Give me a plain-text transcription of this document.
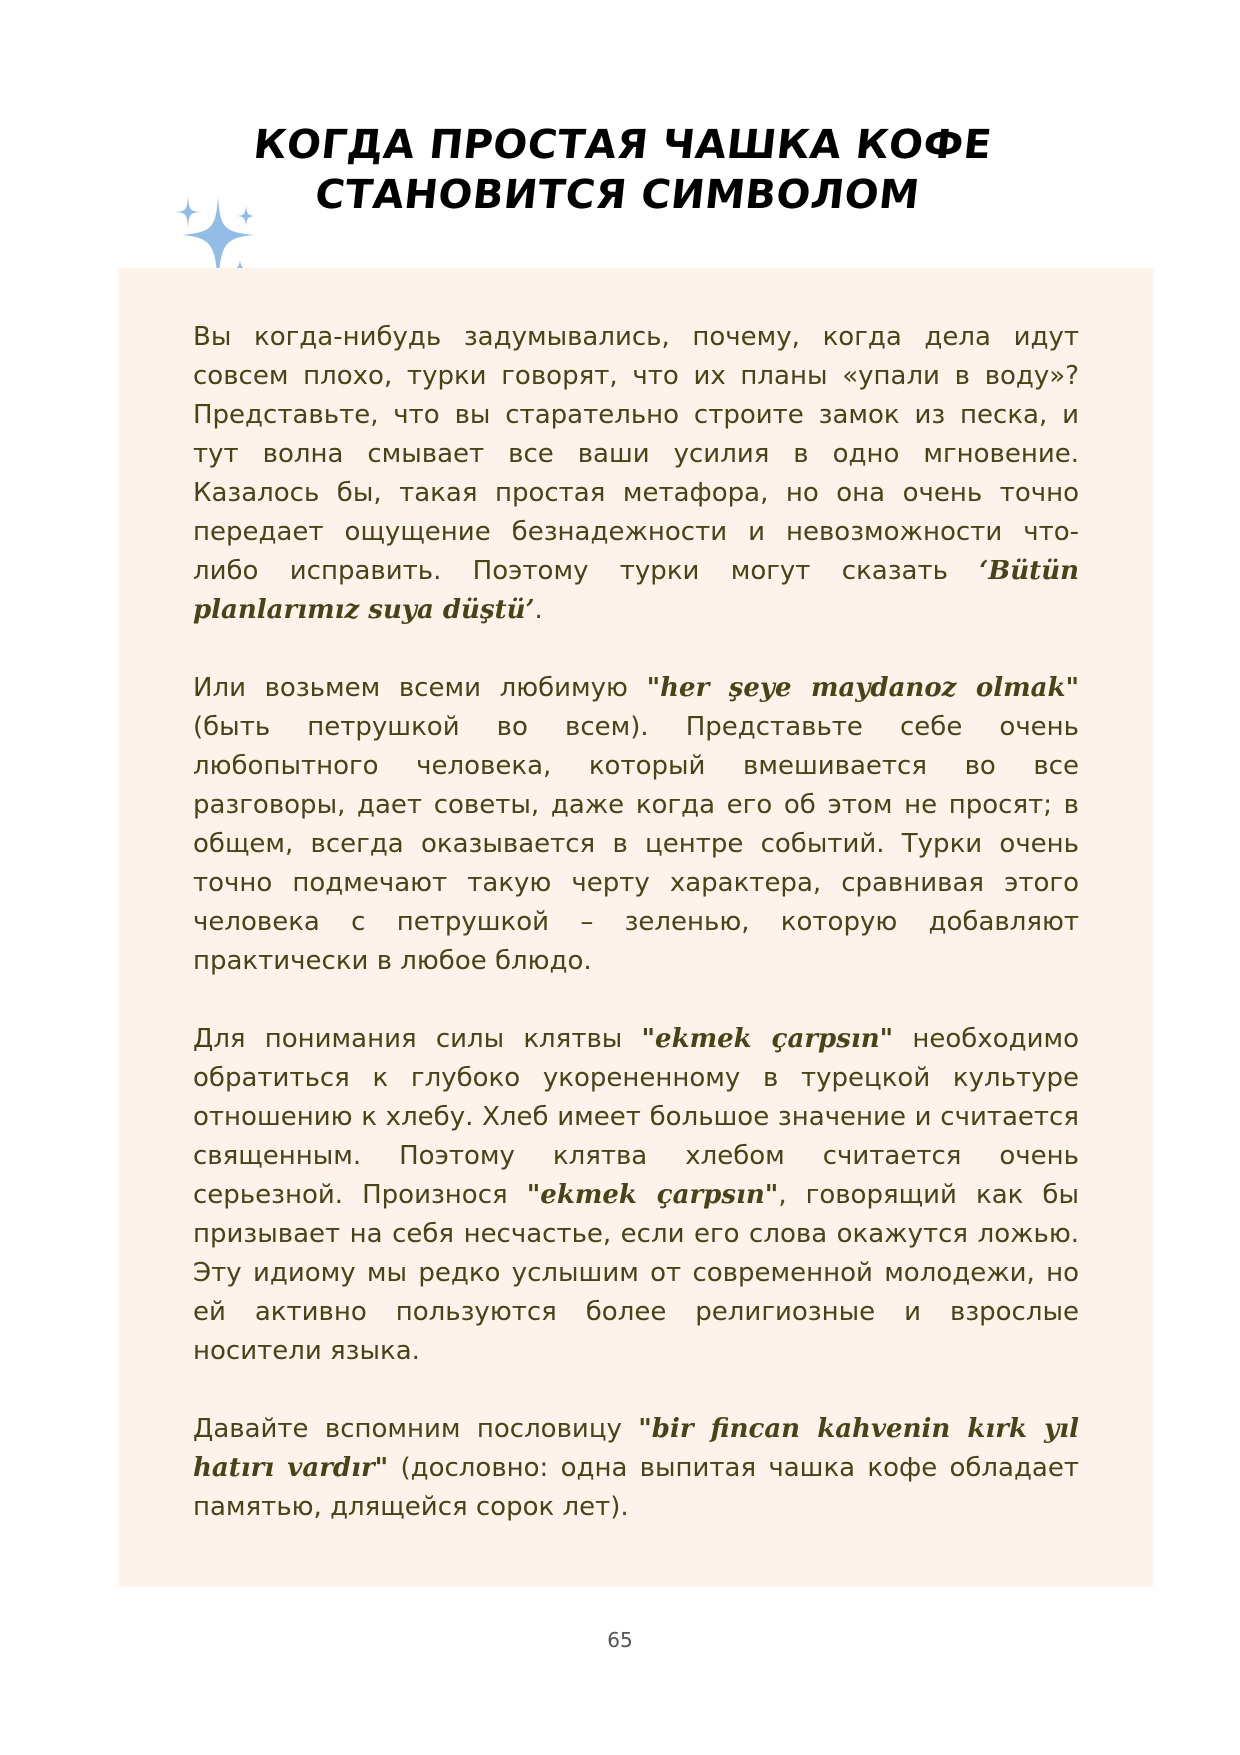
КОГДА ПРОСТАЯ ЧАШКА КОФЕ
СТАНОВИТСЯ СИМВОЛОМ

Вы когда-нибудь задумывались, почему, когда дела идут совсем плохо, турки говорят, что их планы «упали в воду»? Представьте, что вы старательно строите замок из песка, и тут волна смывает все ваши усилия в одно мгновение. Казалось бы, такая простая метафора, но она очень точно передает ощущение безнадежности и невозможности что-либо исправить. Поэтому турки могут сказать ‘Bütün planlarımız suya düştü’.

Или возьмем всеми любимую "her şeye maydanoz olmak" (быть петрушкой во всем). Представьте себе очень любопытного человека, который вмешивается во все разговоры, дает советы, даже когда его об этом не просят; в общем, всегда оказывается в центре событий. Турки очень точно подмечают такую черту характера, сравнивая этого человека с петрушкой – зеленью, которую добавляют практически в любое блюдо.

Для понимания силы клятвы "ekmek çarpsın" необходимо обратиться к глубоко укорененному в турецкой культуре отношению к хлебу. Хлеб имеет большое значение и считается священным. Поэтому клятва хлебом считается очень серьезной. Произнося "ekmek çarpsın", говорящий как бы призывает на себя несчастье, если его слова окажутся ложью. Эту идиому мы редко услышим от современной молодежи, но ей активно пользуются более религиозные и взрослые носители языка.

Давайте вспомним пословицу "bir fincan kahvenin kırk yıl hatırı vardır" (дословно: одна выпитая чашка кофе обладает памятью, длящейся сорок лет).

65
